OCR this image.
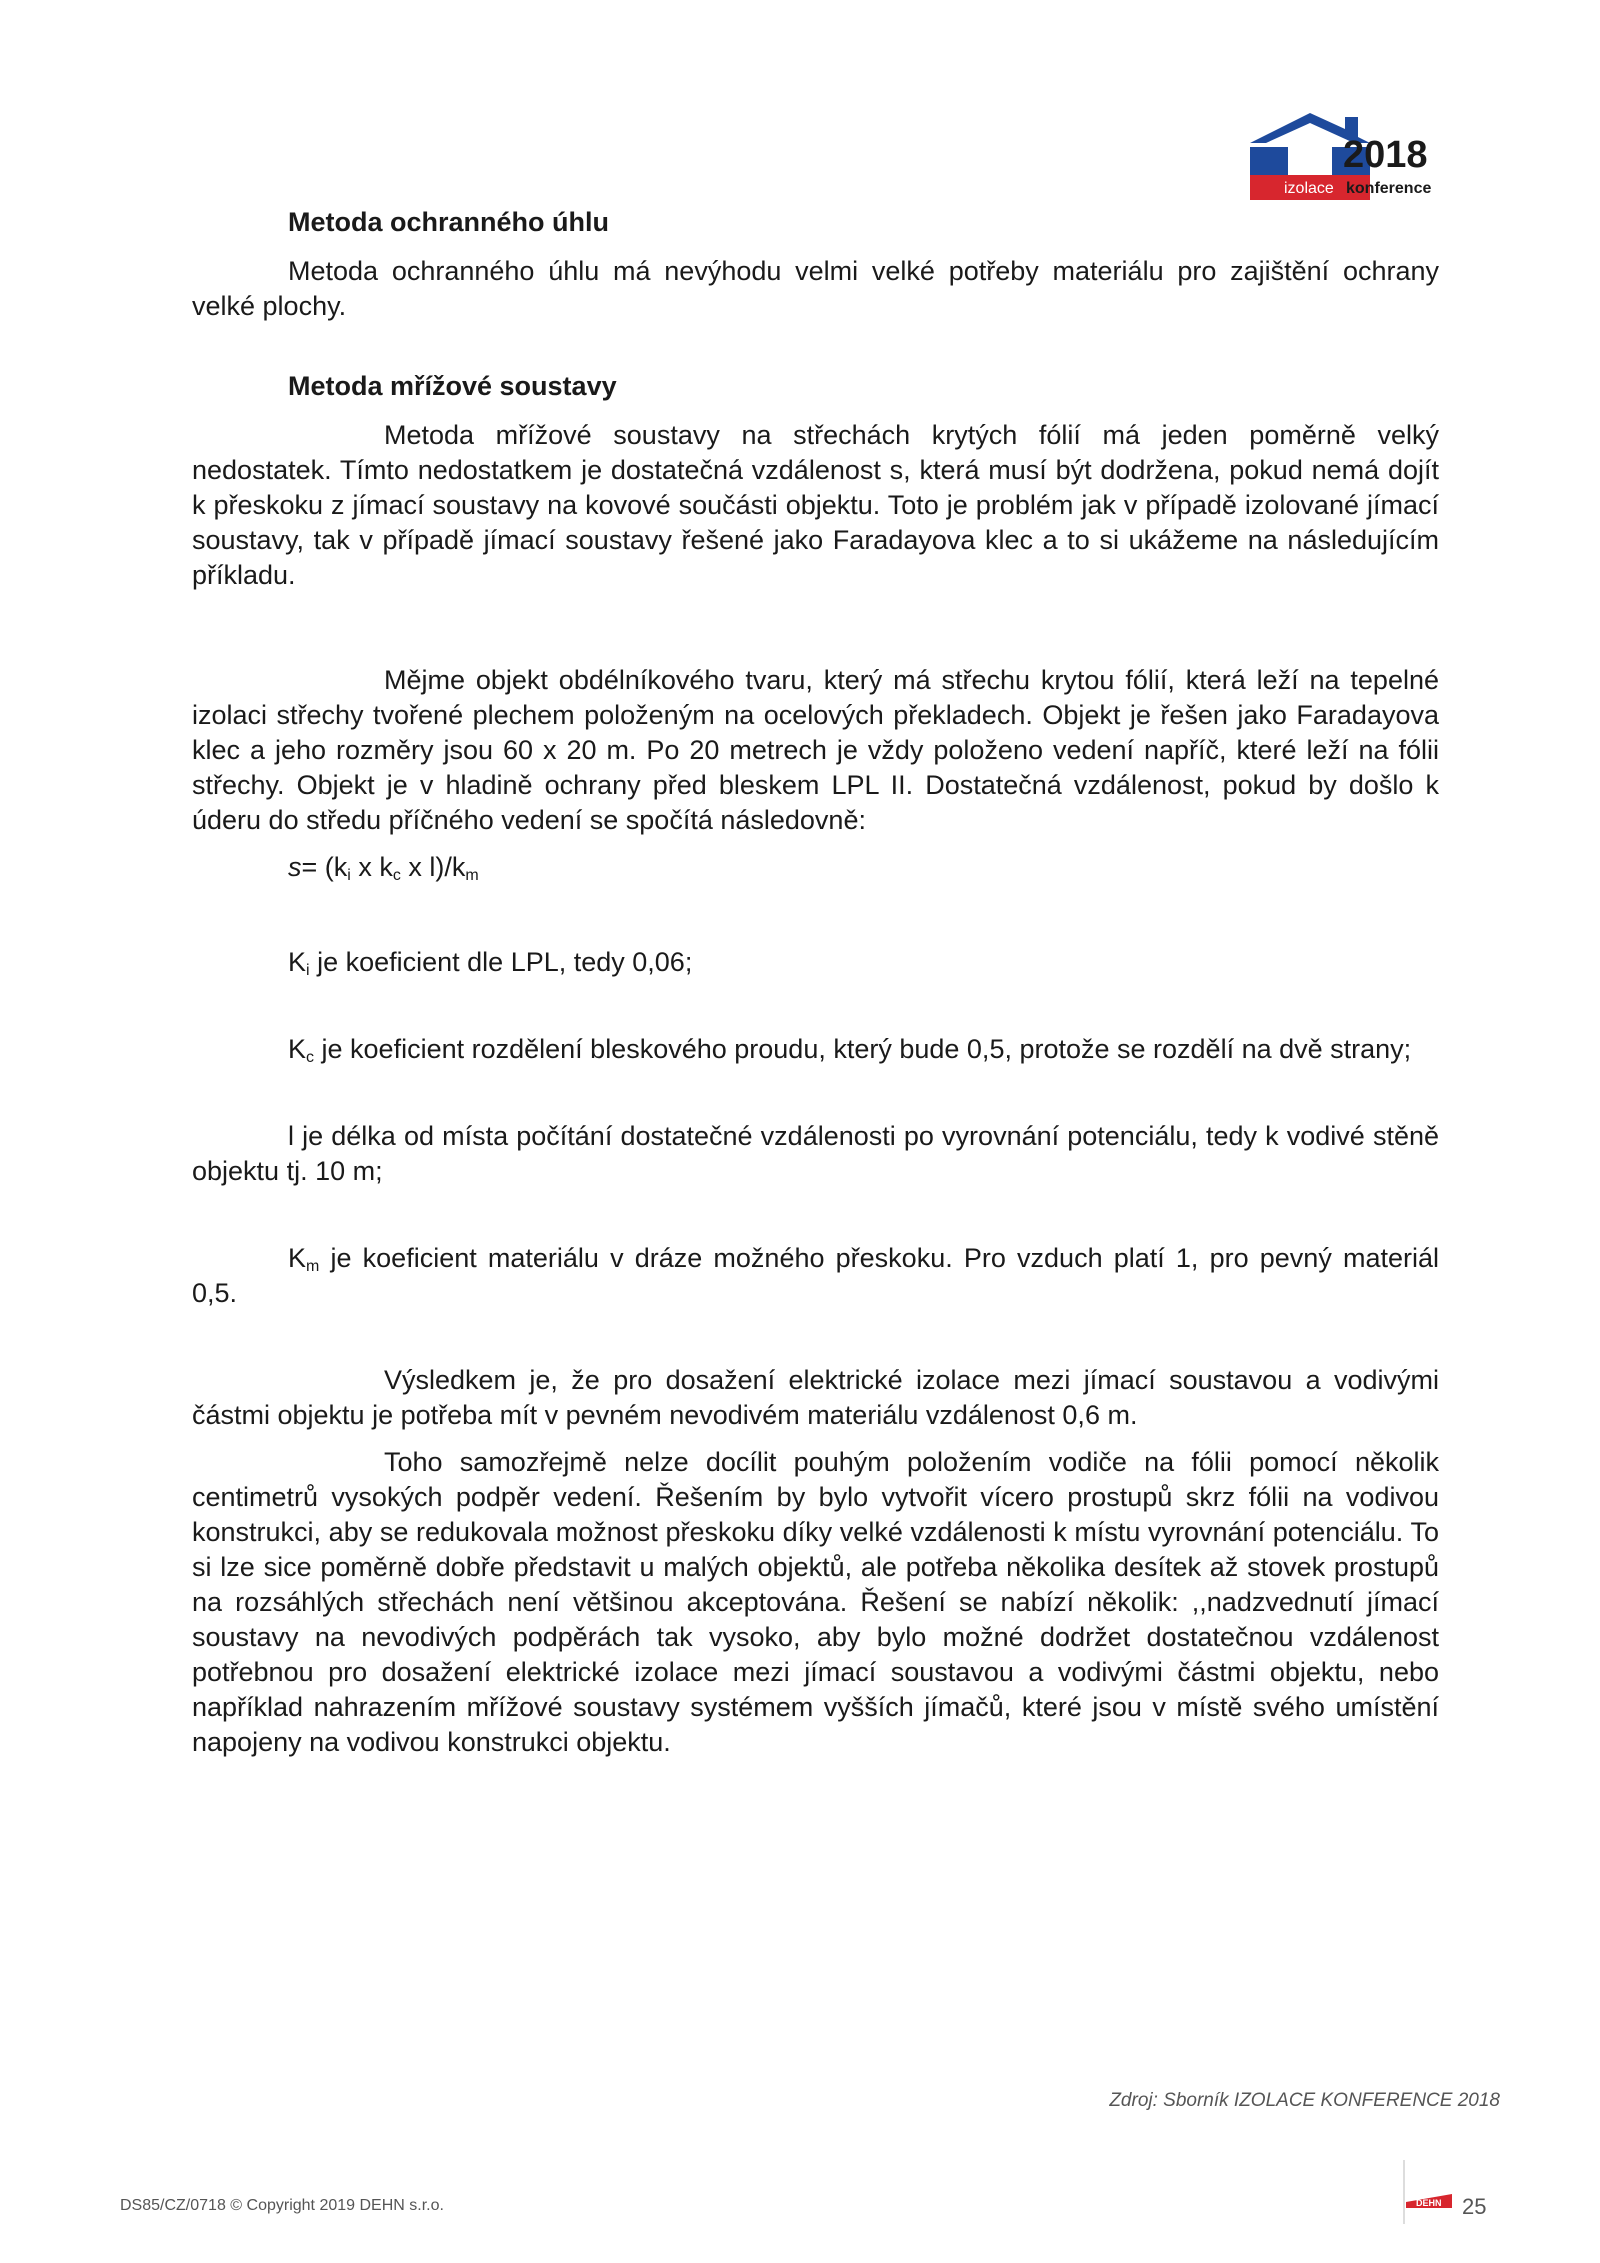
2018
izolace konference

Metoda ochranného úhlu

Metoda ochranného úhlu má nevýhodu velmi velké potřeby materiálu pro zajištění ochrany velké plochy.

Metoda mřížové soustavy

Metoda mřížové soustavy na střechách krytých fólií má jeden poměrně velký nedostatek. Tímto nedostatkem je dostatečná vzdálenost s, která musí být dodržena, pokud nemá dojít k přeskoku z jímací soustavy na kovové součásti objektu. Toto je problém jak v případě izolované jímací soustavy, tak v případě jímací soustavy řešené jako Faradayova klec a to si ukážeme na následujícím příkladu.

Mějme objekt obdélníkového tvaru, který má střechu krytou fólií, která leží na tepelné izolaci střechy tvořené plechem položeným na ocelových překladech. Objekt je řešen jako Faradayova klec a jeho rozměry jsou 60 x 20 m. Po 20 metrech je vždy položeno vedení napříč, které leží na fólii střechy. Objekt je v hladině ochrany před bleskem LPL II. Dostatečná vzdálenost, pokud by došlo k úderu do středu příčného vedení se spočítá následovně:

$s= (k_i$ x $k_c$ x $l)/k_m$

$K_i$ je koeficient dle LPL, tedy 0,06;

$K_c$ je koeficient rozdělení bleskového proudu, který bude 0,5, protože se rozdělí na dvě strany;

l je délka od místa počítání dostatečné vzdálenosti po vyrovnání potenciálu, tedy k vodivé stěně objektu tj. 10 m;

$K_m$ je koeficient materiálu v dráze možného přeskoku. Pro vzduch platí 1, pro pevný materiál 0,5.

Výsledkem je, že pro dosažení elektrické izolace mezi jímací soustavou a vodivými částmi objektu je potřeba mít v pevném nevodivém materiálu vzdálenost 0,6 m.

Toho samozřejmě nelze docílit pouhým položením vodiče na fólii pomocí několik centimetrů vysokých podpěr vedení. Řešením by bylo vytvořit vícero prostupů skrz fólii na vodivou konstrukci, aby se redukovala možnost přeskoku díky velké vzdálenosti k místu vyrovnání potenciálu. To si lze sice poměrně dobře představit u malých objektů, ale potřeba několika desítek až stovek prostupů na rozsáhlých střechách není většinou akceptována. Řešení se nabízí několik: ,,nadzvednutí jímací soustavy na nevodivých podpěrách tak vysoko, aby bylo možné dodržet dostatečnou vzdálenost potřebnou pro dosažení elektrické izolace mezi jímací soustavou a vodivými částmi objektu, nebo například nahrazením mřížové soustavy systémem vyšších jímačů, které jsou v místě svého umístění napojeny na vodivou konstrukci objektu.

Zdroj: Sborník IZOLACE KONFERENCE 2018
DS85/CZ/0718 © Copyright 2019 DEHN s.r.o.	DEHN 25
